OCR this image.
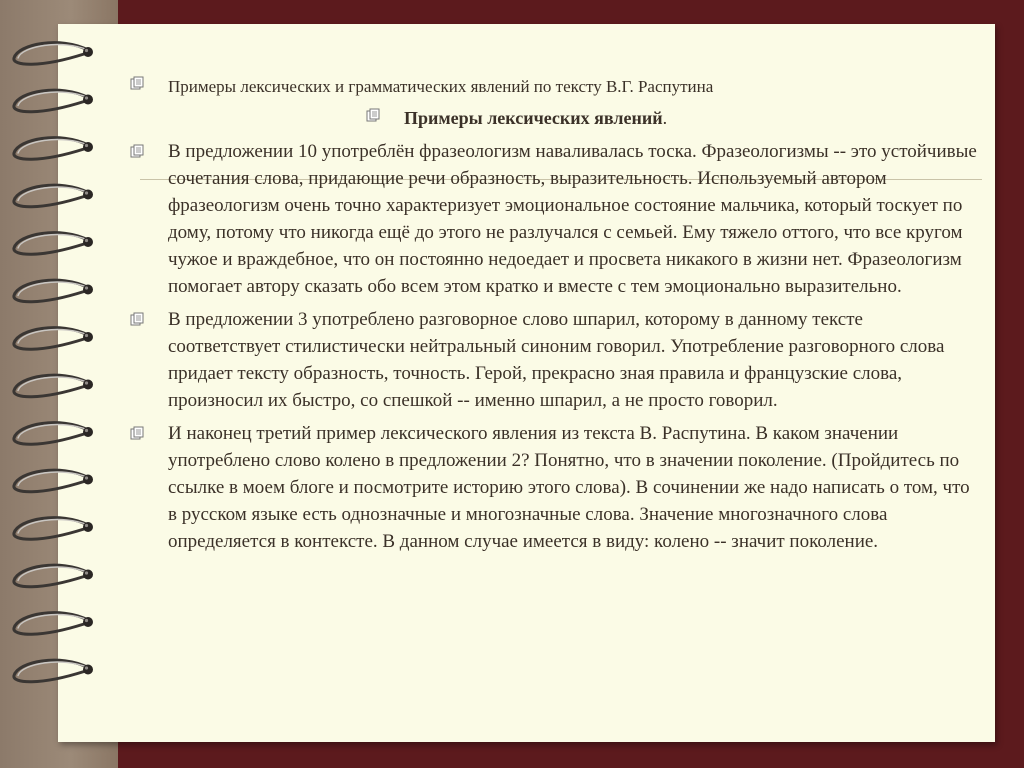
Примеры лексических и грамматических явлений по тексту В.Г. Распутина
Примеры лексических явлений.
В предложении 10 употреблён фразеологизм наваливалась тоска. Фразеологизмы -- это устойчивые сочетания слова, придающие речи образность, выразительность. Используемый автором фразеологизм очень точно характеризует эмоциональное состояние мальчика, который тоскует по дому, потому что никогда ещё до этого не разлучался с семьей. Ему тяжело оттого, что все кругом чужое и враждебное, что он постоянно недоедает и просвета никакого в жизни нет. Фразеологизм помогает автору сказать обо всем этом кратко и вместе с тем эмоционально выразительно.
В предложении 3 употреблено разговорное слово шпарил, которому в данному тексте соответствует стилистически нейтральный синоним говорил. Употребление разговорного слова придает тексту образность, точность. Герой, прекрасно зная правила и французские слова, произносил их быстро, со спешкой -- именно шпарил, а не просто говорил.
И наконец третий пример лексического явления из текста В. Распутина. В каком значении употреблено слово колено в предложении 2? Понятно, что в значении поколение. (Пройдитесь по ссылке в моем блоге и посмотрите историю этого слова). В сочинении же надо написать о том, что в русском языке есть однозначные и многозначные слова. Значение многозначного слова определяется в контексте. В данном случае имеется в виду: колено -- значит поколение.
